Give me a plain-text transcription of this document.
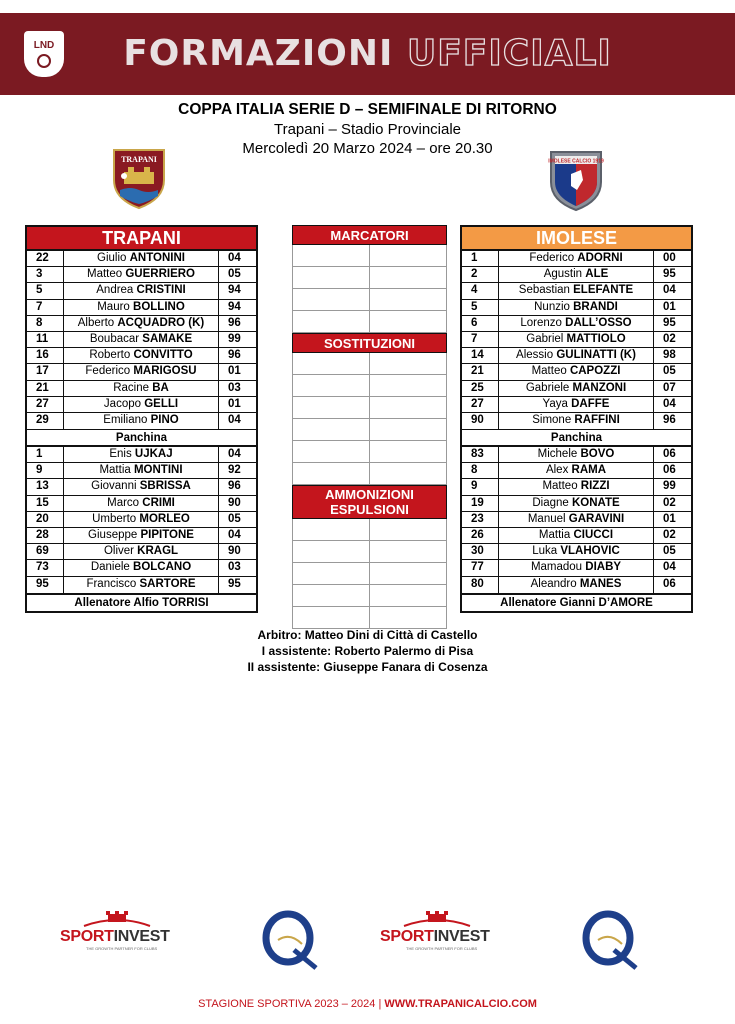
LND	FORMAZIONI UFFICIALI
COPPA ITALIA SERIE D – SEMIFINALE DI RITORNO
Trapani – Stadio Provinciale
Mercoledì 20 Marzo 2024 – ore 20.30
TRAPANI	IMOLESE CALCIO 1919
TRAPANI
22	Giulio ANTONINI	04
3	Matteo GUERRIERO	05
5	Andrea CRISTINI	94
7	Mauro BOLLINO	94
8	Alberto ACQUADRO (K)	96
11	Boubacar SAMAKE	99
16	Roberto CONVITTO	96
17	Federico MARIGOSU	01
21	Racine BA	03
27	Jacopo GELLI	01
29	Emiliano PINO	04
Panchina
1	Enis UJKAJ	04
9	Mattia MONTINI	92
13	Giovanni SBRISSA	96
15	Marco CRIMI	90
20	Umberto MORLEO	05
28	Giuseppe PIPITONE	04
69	Oliver KRAGL	90
73	Daniele BOLCANO	03
95	Francisco SARTORE	95
Allenatore Alfio TORRISI
MARCATORI
SOSTITUZIONI
AMMONIZIONI
ESPULSIONI
IMOLESE
1	Federico ADORNI	00
2	Agustin ALE	95
4	Sebastian ELEFANTE	04
5	Nunzio BRANDI	01
6	Lorenzo DALL’OSSO	95
7	Gabriel MATTIOLO	02
14	Alessio GULINATTI (K)	98
21	Matteo CAPOZZI	05
25	Gabriele MANZONI	07
27	Yaya DAFFE	04
90	Simone RAFFINI	96
Panchina
83	Michele BOVO	06
8	Alex RAMA	06
9	Matteo RIZZI	99
19	Diagne KONATE	02
23	Manuel GARAVINI	01
26	Mattia CIUCCI	02
30	Luka VLAHOVIC	05
77	Mamadou DIABY	04
80	Aleandro MANES	06
Allenatore Gianni D’AMORE
Arbitro: Matteo Dini di Città di Castello
I assistente: Roberto Palermo di Pisa
II assistente: Giuseppe Fanara di Cosenza
SPORTINVEST
THE GROWTH PARTNER FOR CLUBS
SPORTINVEST
THE GROWTH PARTNER FOR CLUBS
STAGIONE SPORTIVA 2023 – 2024 | WWW.TRAPANICALCIO.COM
